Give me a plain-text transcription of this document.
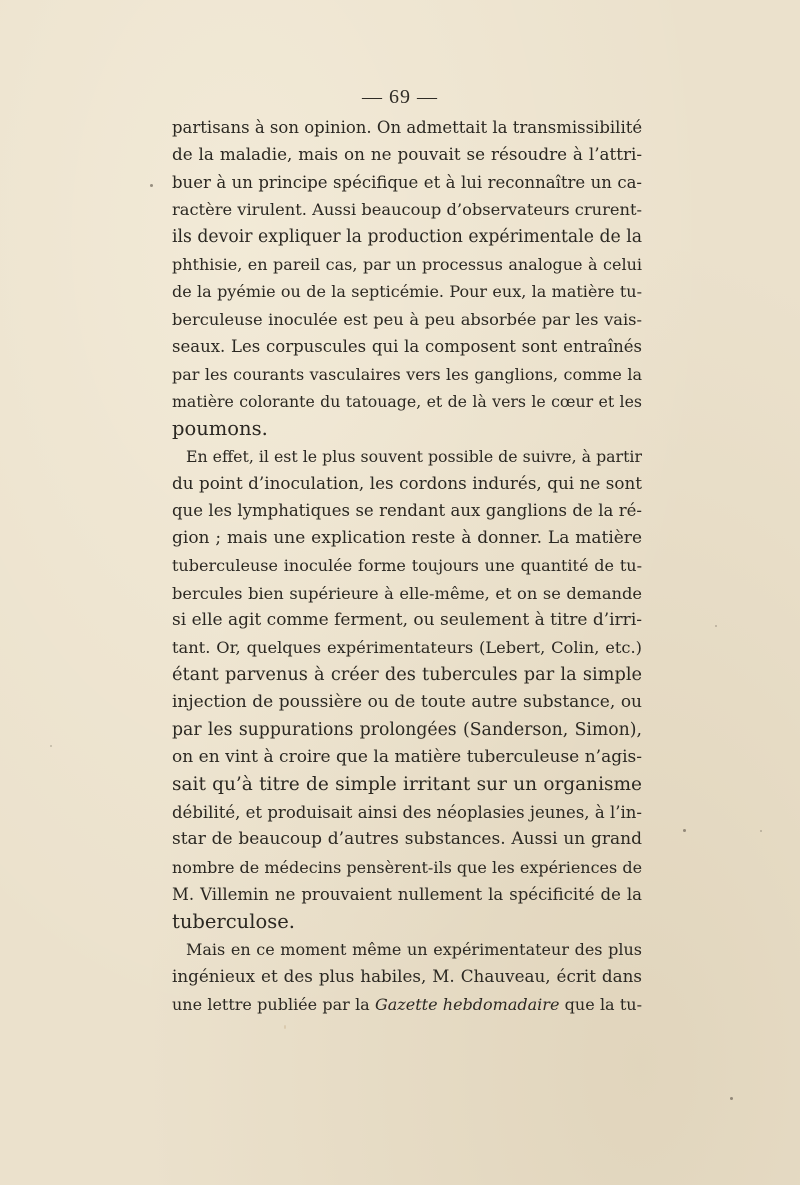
— 69 —
partisans à son opinion. On admettait la transmissibilité
de la maladie, mais on ne pouvait se résoudre à l’attri-
buer à un principe spécifique et à lui reconnaître un ca-
ractère virulent. Aussi beaucoup d’observateurs crurent-
ils devoir expliquer la production expérimentale de la
phthisie, en pareil cas, par un processus analogue à celui
de la pyémie ou de la septicémie. Pour eux, la matière tu-
berculeuse inoculée est peu à peu absorbée par les vais-
seaux. Les corpuscules qui la composent sont entraînés
par les courants vasculaires vers les ganglions, comme la
matière colorante du tatouage, et de là vers le cœur et les
poumons.
En effet, il est le plus souvent possible de suivre, à partir
du point d’inoculation, les cordons indurés, qui ne sont
que les lymphatiques se rendant aux ganglions de la ré-
gion ; mais une explication reste à donner. La matière
tuberculeuse inoculée forme toujours une quantité de tu-
bercules bien supérieure à elle-même, et on se demande
si elle agit comme ferment, ou seulement à titre d’irri-
tant. Or, quelques expérimentateurs (Lebert, Colin, etc.)
étant parvenus à créer des tubercules par la simple
injection de poussière ou de toute autre substance, ou
par les suppurations prolongées (Sanderson, Simon),
on en vint à croire que la matière tuberculeuse n’agis-
sait qu’à titre de simple irritant sur un organisme
débilité, et produisait ainsi des néoplasies jeunes, à l’in-
star de beaucoup d’autres substances. Aussi un grand
nombre de médecins pensèrent-ils que les expériences de
M. Villemin ne prouvaient nullement la spécificité de la
tuberculose.
Mais en ce moment même un expérimentateur des plus
ingénieux et des plus habiles, M. Chauveau, écrit dans
une lettre publiée par la Gazette hebdomadaire que la tu-
